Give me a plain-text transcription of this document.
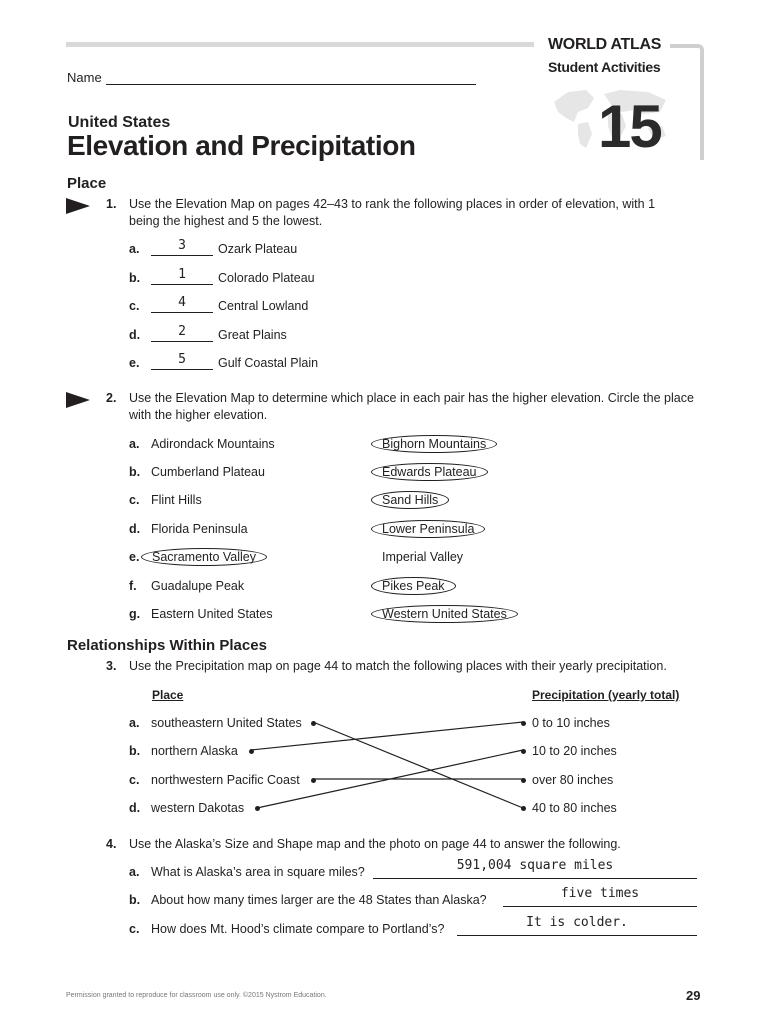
WORLD ATLAS
Student Activities
15
Name
United States
Elevation and Precipitation
Place
1. Use the Elevation Map on pages 42–43 to rank the following places in order of elevation, with 1 being the highest and 5 the lowest.
a.	3	Ozark Plateau
b.	1	Colorado Plateau
c.	4	Central Lowland
d.	2	Great Plains
e.	5	Gulf Coastal Plain
2. Use the Elevation Map to determine which place in each pair has the higher elevation. Circle the place with the higher elevation.
a. Adirondack Mountains	Bighorn Mountains
b. Cumberland Plateau	Edwards Plateau
c. Flint Hills	Sand Hills
d. Florida Peninsula	Lower Peninsula
e.	Sacramento Valley	Imperial Valley
f. Guadalupe Peak	Pikes Peak
g. Eastern United States	Western United States
Relationships Within Places
3. Use the Precipitation map on page 44 to match the following places with their yearly precipitation.
Place	Precipitation (yearly total)
a. southeastern United States	0 to 10 inches
b. northern Alaska	10 to 20 inches
c. northwestern Pacific Coast	over 80 inches
d. western Dakotas	40 to 80 inches
4. Use the Alaska’s Size and Shape map and the photo on page 44 to answer the following.
a. What is Alaska’s area in square miles?	591,004 square miles
b. About how many times larger are the 48 States than Alaska?	five times
c. How does Mt. Hood’s climate compare to Portland’s?	It is colder.
Permission granted to reproduce for classroom use only. ©2015 Nystrom Education.	29
